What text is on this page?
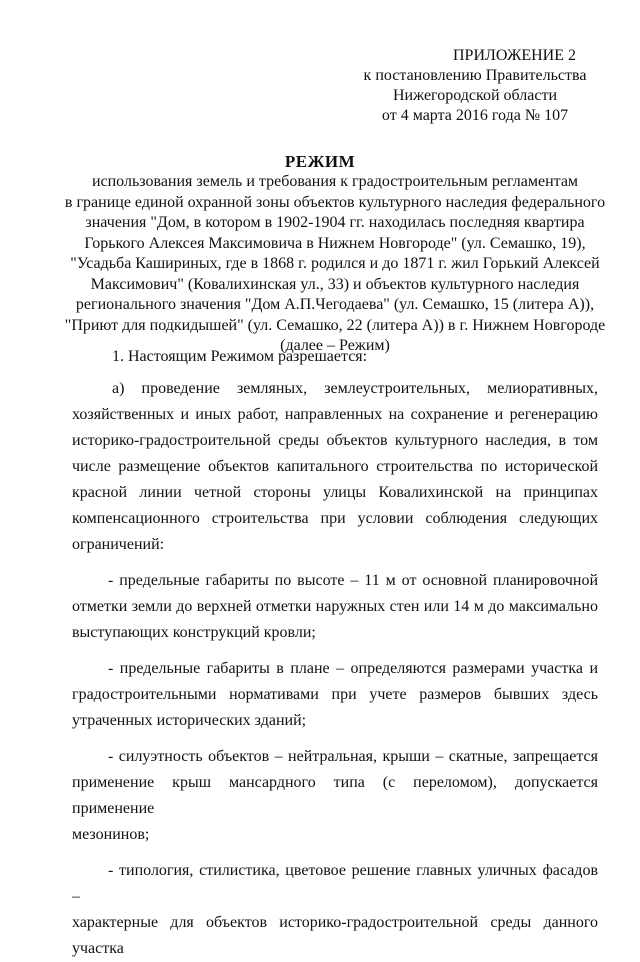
ПРИЛОЖЕНИЕ 2
к постановлению Правительства
Нижегородской области
от 4 марта 2016 года № 107
РЕЖИМ
использования земель и требования к градостроительным регламентам
в границе единой охранной зоны объектов культурного наследия федерального
значения "Дом, в котором в 1902-1904 гг. находилась последняя квартира
Горького Алексея Максимовича в Нижнем Новгороде" (ул. Семашко, 19),
"Усадьба Кашириных, где в 1868 г. родился и до 1871 г. жил Горький Алексей
Максимович" (Ковалихинская ул., 33) и объектов культурного наследия
регионального значения "Дом А.П.Чегодаева" (ул. Семашко, 15 (литера А)),
"Приют для подкидышей" (ул. Семашко, 22 (литера А)) в г. Нижнем Новгороде
(далее – Режим)
1. Настоящим Режимом разрешается:
а) проведение земляных, землеустроительных, мелиоративных,
хозяйственных и иных работ, направленных на сохранение и регенерацию
историко-градостроительной среды объектов культурного наследия, в том
числе размещение объектов капитального строительства по исторической
красной линии четной стороны улицы Ковалихинской на принципах
компенсационного строительства при условии соблюдения следующих
ограничений:
- предельные габариты по высоте – 11 м от основной планировочной
отметки земли до верхней отметки наружных стен или 14 м до максимально
выступающих конструкций кровли;
- предельные габариты в плане – определяются размерами участка и
градостроительными нормативами при учете размеров бывших здесь
утраченных исторических зданий;
- силуэтность объектов – нейтральная, крыши – скатные, запрещается
применение крыш мансардного типа (с переломом), допускается применение
мезонинов;
- типология, стилистика, цветовое решение главных уличных фасадов –
характерные для объектов историко-градостроительной среды данного участка
